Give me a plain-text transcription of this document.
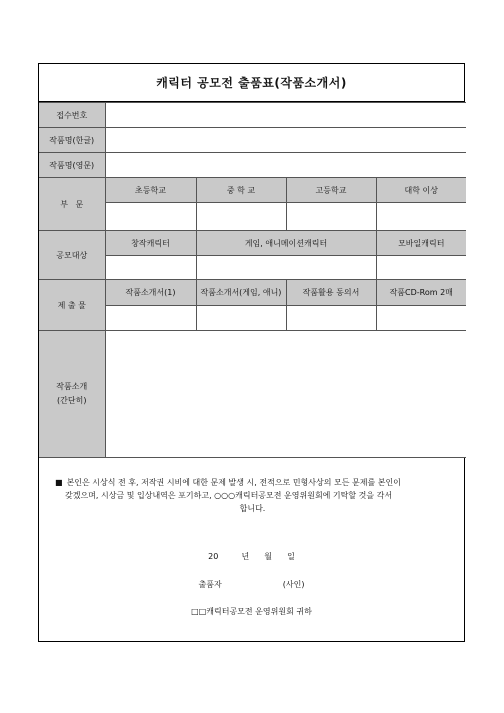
캐릭터 공모전 출품표(작품소개서)
접수번호				
작품명(한글)				
작품명(영문)				
부   문	초등학교	중 학 교	고등학교	대학 이상

공모대상	창작캐릭터	게임, 애니메이션캐릭터		모바일캐릭터

제 출 물	작품소개서(1)	작품소개서(게임, 애니)	작품활용 동의서	작품CD-Rom 2매

작품소개
(간단히)				
■ 본인은 시상식 전 후, 저작권 시비에 대한 문제 발생 시, 전적으로 민형사상의 모든 문제를 본인이
갖겠으며, 시상금 및 입상내역은 포기하고, ○○○캐릭터공모전 운영위원회에 기탁할 것을 각서
합니다.
20	년 월 일
출품자	(사인)
□□캐릭터공모전 운영위원회 귀하
